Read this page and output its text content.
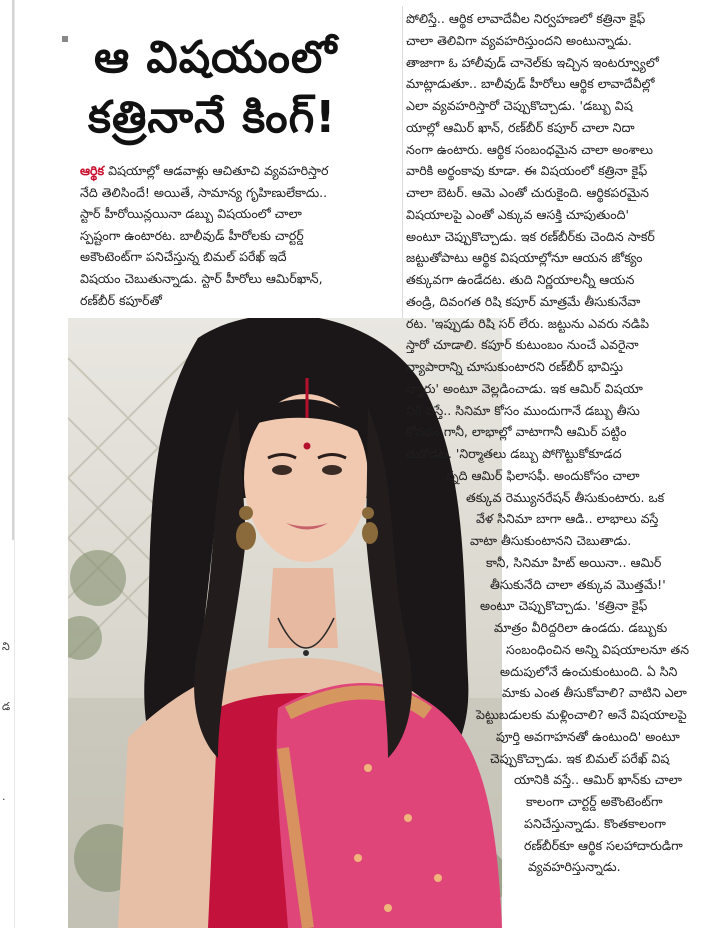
ని
డ
.
ఆ విషయంలో
కత్రినానే కింగ్!
ఆర్థిక విషయాల్లో ఆడవాళ్లు ఆచితూచి వ్యవహరిస్తార
నేది తెలిసిందే! అయితే, సామాన్య గృహిణులేకాదు..
స్టార్ హీరోయిన్లయినా డబ్బు విషయంలో చాలా
స్పష్టంగా ఉంటారట. బాలీవుడ్ హీరోలకు చార్టర్డ్
అకౌంటెంట్‌గా పనిచేస్తున్న బిమల్ పరేఖ్ ఇదే
విషయం చెబుతున్నాడు. స్టార్ హీరోలు ఆమిర్‌ఖాన్,
రణ్‌బీర్ కపూర్‌తో
పోలిస్తే.. ఆర్థిక లావాదేవీల నిర్వహణలో కత్రినా కైఫ్
చాలా తెలివిగా వ్యవహరిస్తుందని అంటున్నాడు.
తాజాగా ఓ హాలీవుడ్ చానెల్‌కు ఇచ్చిన ఇంటర్వ్యూలో
మాట్లాడుతూ.. బాలీవుడ్ హీరోలు ఆర్థిక లావాదేవీల్లో
ఎలా వ్యవహరిస్తారో చెప్పుకొచ్చాడు. 'డబ్బు విష
యాల్లో ఆమిర్ ఖాన్, రణ్‌బీర్ కపూర్ చాలా నిదా
నంగా ఉంటారు. ఆర్థిక సంబంధమైన చాలా అంశాలు
వారికి అర్థంకావు కూడా. ఈ విషయంలో కత్రినా కైఫ్
చాలా బెటర్. ఆమె ఎంతో చురుకైంది. ఆర్థికపరమైన
విషయాలపై ఎంతో ఎక్కువ ఆసక్తి చూపుతుంది'
అంటూ చెప్పుకొచ్చాడు. ఇక రణ్‌బీర్‌కు చెందిన సాకర్
జట్టుతోపాటు ఆర్థిక విషయాల్లోనూ ఆయన జోక్యం
తక్కువగా ఉండేదట. తుది నిర్ణయాలన్నీ ఆయన
తండ్రి, దివంగత రిషి కపూర్ మాత్రమే తీసుకునేవా
రట. 'ఇప్పుడు రిషి సర్ లేరు. జట్టును ఎవరు నడిపి
స్తారో చూడాలి. కపూర్ కుటుంబం నుంచే ఎవరైనా
వ్యాపారాన్ని చూసుకుంటారని రణ్‌బీర్ భావిస్తు
న్నారు' అంటూ వెల్లడించాడు. ఇక ఆమిర్ విషయా
నికి వస్తే.. సినిమా కోసం ముందుగానే డబ్బు తీసు
కోవడం గానీ, లాభాల్లో వాటాగానీ ఆమిర్ పట్టిం
చుకోడట. 'నిర్మాతలు డబ్బు పోగొట్టుకోకూడద
న్నది ఆమిర్ ఫిలాసఫీ. అందుకోసం చాలా
తక్కువ రెమ్యునరేషన్ తీసుకుంటారు. ఒక
వేళ సినిమా బాగా ఆడి.. లాభాలు వస్తే
వాటా తీసుకుంటానని చెబుతాడు.
కానీ, సినిమా హిట్ అయినా.. ఆమిర్
తీసుకునేది చాలా తక్కువ మొత్తమే!'
అంటూ చెప్పుకొచ్చాడు. 'కత్రినా కైఫ్
మాత్రం వీరిద్దరిలా ఉండదు. డబ్బుకు
సంబంధించిన అన్ని విషయాలనూ తన
అదుపులోనే ఉంచుకుంటుంది. ఏ సిని
మాకు ఎంత తీసుకోవాలి? వాటిని ఎలా
పెట్టుబడులకు మళ్లించాలి? అనే విషయాలపై
పూర్తి అవగాహనతో ఉంటుంది' అంటూ
చెప్పుకొచ్చాడు. ఇక బిమల్ పరేఖ్ విష
యానికి వస్తే.. ఆమిర్ ఖాన్‌కు చాలా
కాలంగా చార్టర్డ్ అకౌంటెంట్‌గా
పనిచేస్తున్నాడు. కొంతకాలంగా
రణ్‌బీర్‌కూ ఆర్థిక సలహాదారుడిగా
వ్యవహరిస్తున్నాడు.
